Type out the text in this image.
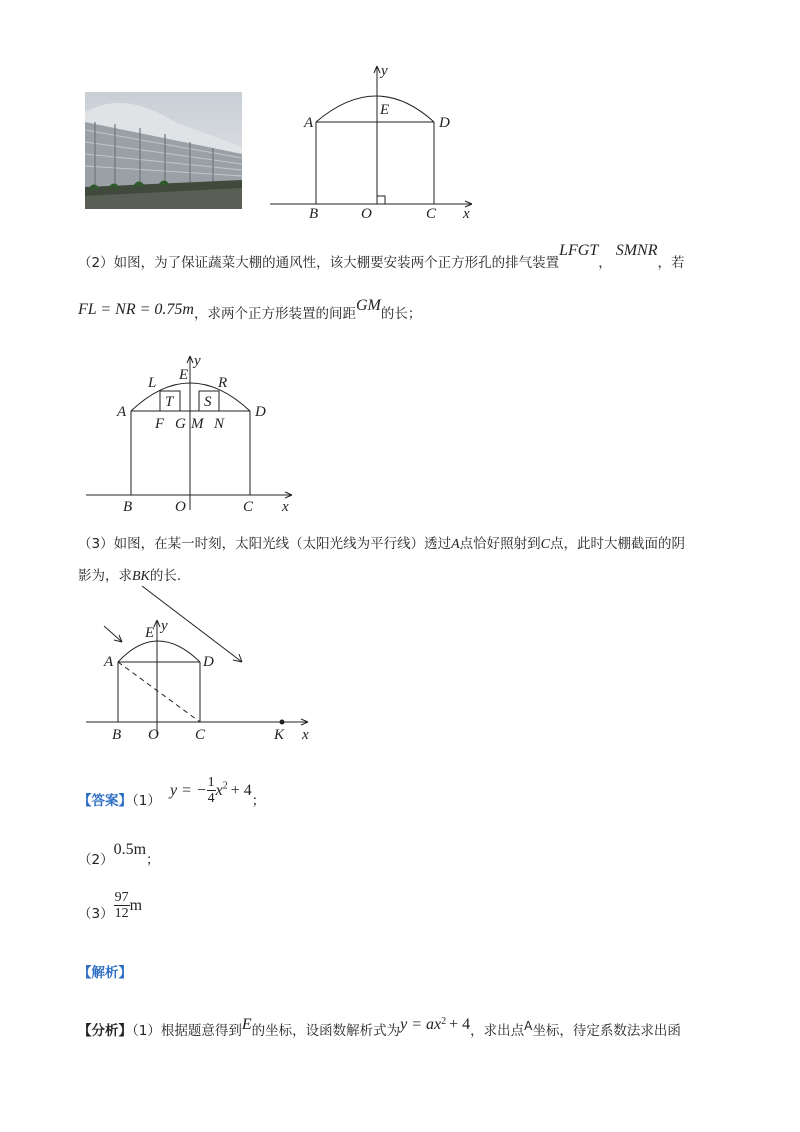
A	D
E
y
B	O	C x
（2）如图，为了保证蔬菜大棚的通风性，该大棚要安装两个正方形孔的排气装置LFGT，SMNR，若
FL = NR = 0.75m，求两个正方形装置的间距GM的长；
E
y
L	R
A	D
T S
F G M N
B	O	C x
（3）如图，在某一时刻，太阳光线（太阳光线为平行线）透过A点恰好照射到C点，此时大棚截面的阴
影为，求BK的长.
E y
A	D
B O C	K x
$_{【答案】(1)}$ y = − $\frac{1}{4} x^2 + 4_;$
$_{(2)}0.5m_;$
$_{(3)} \frac{97}{12}$ m
【解析】
【分析】（1）根据题意得到E的坐标，设函数解析式为$y = ax^2 + 4$，求出点A坐标，待定系数法求出函
